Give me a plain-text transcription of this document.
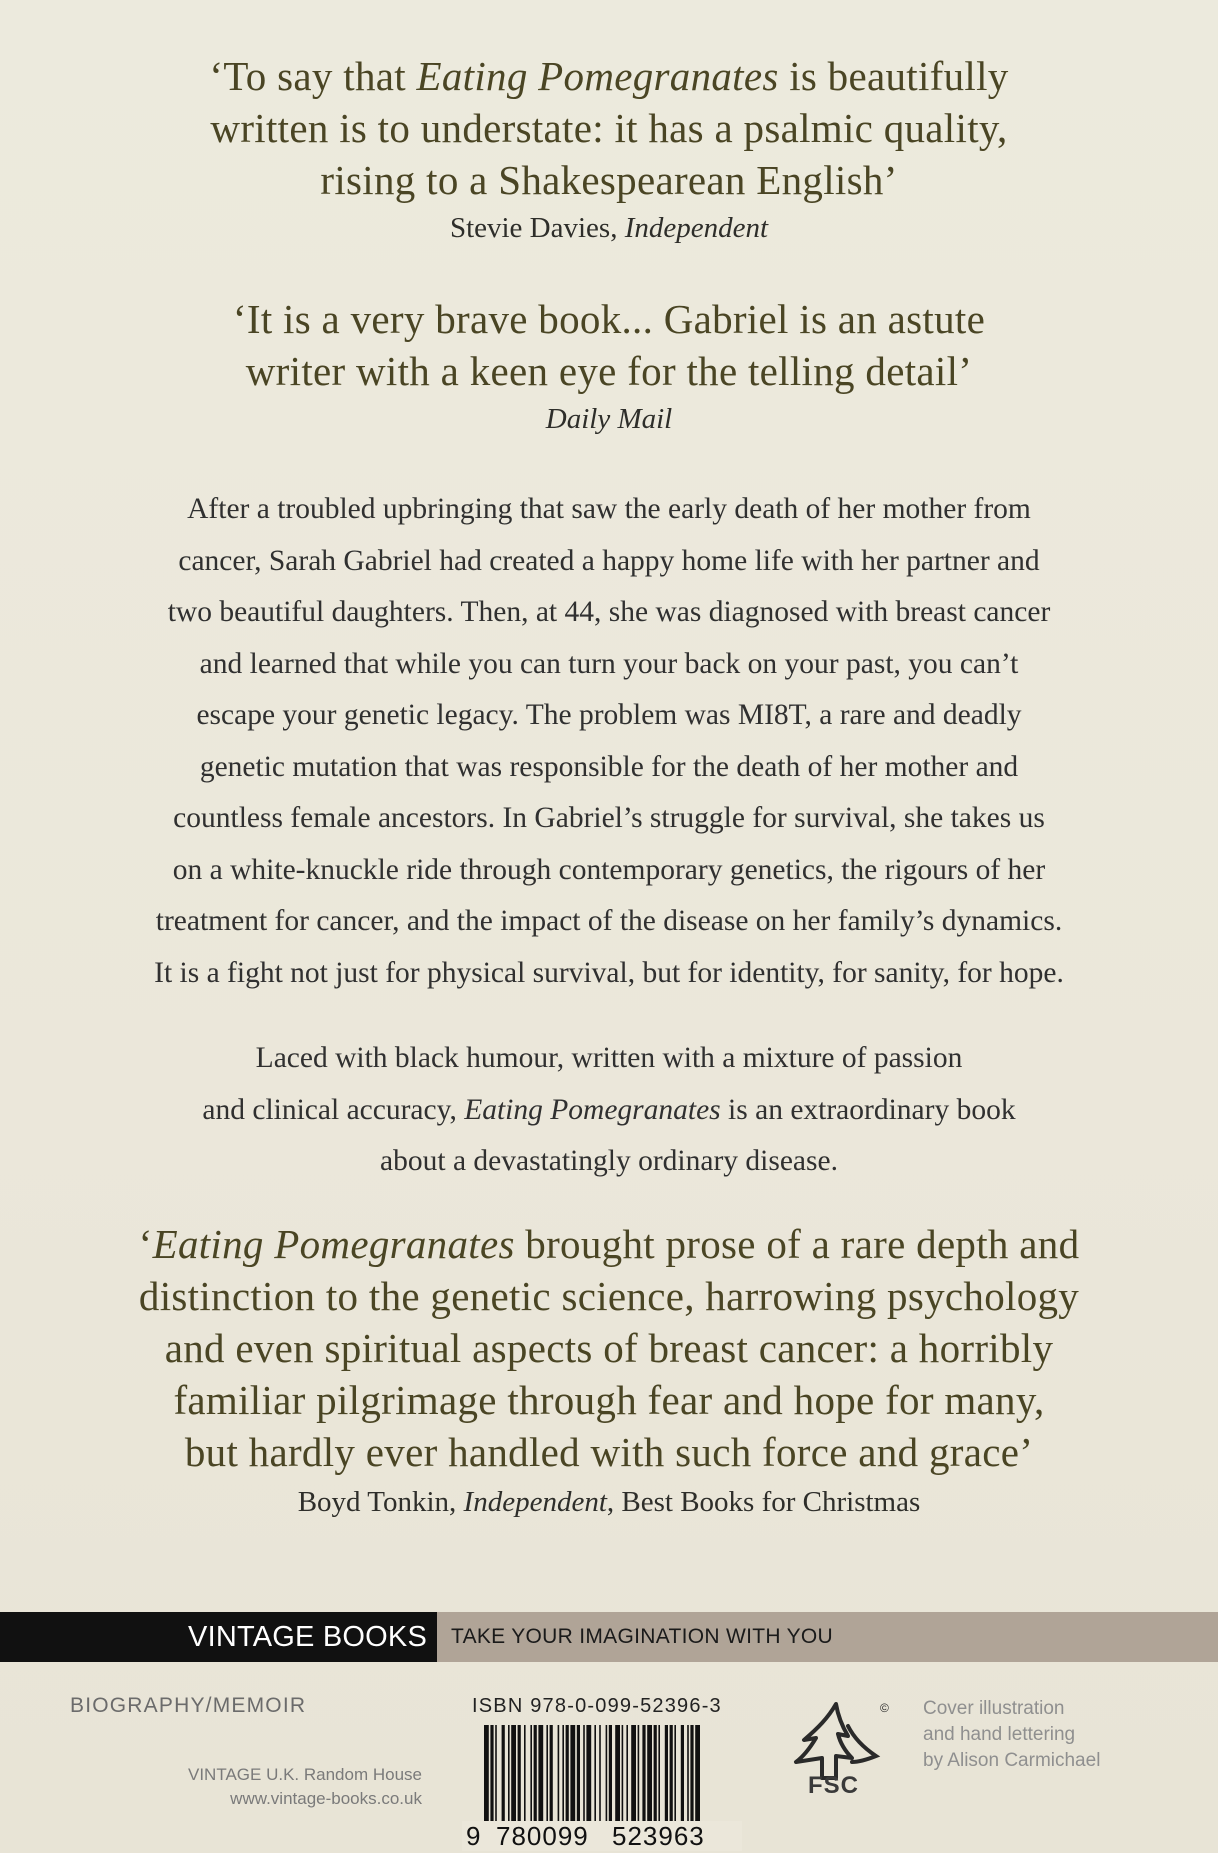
‘To say that Eating Pomegranates is beautifully
written is to understate: it has a psalmic quality,
rising to a Shakespearean English’
Stevie Davies, Independent
‘It is a very brave book... Gabriel is an astute
writer with a keen eye for the telling detail’
Daily Mail
After a troubled upbringing that saw the early death of her mother from
cancer, Sarah Gabriel had created a happy home life with her partner and
two beautiful daughters. Then, at 44, she was diagnosed with breast cancer
and learned that while you can turn your back on your past, you can’t
escape your genetic legacy. The problem was MI8T, a rare and deadly
genetic mutation that was responsible for the death of her mother and
countless female ancestors. In Gabriel’s struggle for survival, she takes us
on a white-knuckle ride through contemporary genetics, the rigours of her
treatment for cancer, and the impact of the disease on her family’s dynamics.
It is a fight not just for physical survival, but for identity, for sanity, for hope.
Laced with black humour, written with a mixture of passion
and clinical accuracy, Eating Pomegranates is an extraordinary book
about a devastatingly ordinary disease.
‘Eating Pomegranates brought prose of a rare depth and
distinction to the genetic science, harrowing psychology
and even spiritual aspects of breast cancer: a horribly
familiar pilgrimage through fear and hope for many,
but hardly ever handled with such force and grace’
Boyd Tonkin, Independent, Best Books for Christmas
VINTAGE BOOKS	TAKE YOUR IMAGINATION WITH YOU
BIOGRAPHY/MEMOIR
VINTAGE U.K. Random House
www.vintage-books.co.uk
ISBN 978-0-099-52396-3
9 780099 523963
©
FSC
Cover illustration
and hand lettering
by Alison Carmichael
